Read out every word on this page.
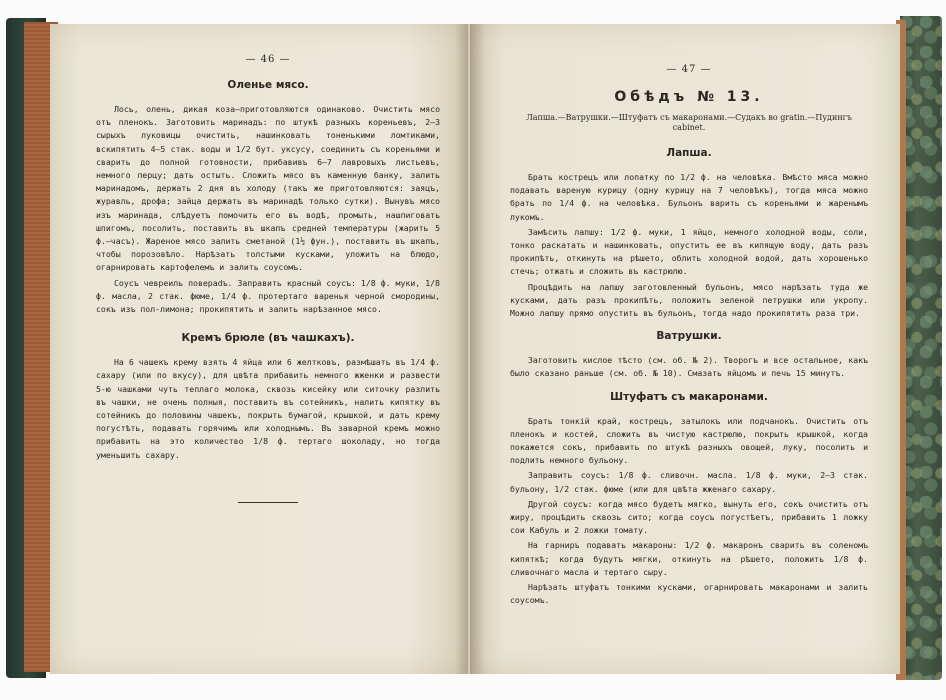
— 46 —
Оленье мясо.

Лось, олень, дикая коза—приготовляются одинаково. Очистить мясо отъ пленокъ. Заготовить маринадъ: по штукѣ разныхъ кореньевъ, 2—3 сырыхъ луковицы очистить, нашинковать тоненькими ломтиками, вскипятить 4—5 стак. воды и 1/2 бут. уксусу, соединить съ кореньями и сварить до полной готовности, прибавивъ 6—7 лавровыхъ листьевъ, немного перцу; дать остыть. Сложить мясо въ каменную банку, залить маринадомъ, держать 2 дня въ холоду (такъ же приготовляются: заяцъ, журавль, дрофа; зайца держать въ маринадѣ только сутки). Вынувъ мясо изъ маринада, слѣдуетъ помочить его въ водѣ, промыть, нашпиговать шпигомъ, посолить, поставить въ шкапъ средней температуры (жарить 5 ф.—часъ). Жареное мясо залить сметаной (1½ фун.), поставить въ шкапъ, чтобы порозовѣло. Нарѣзать толстыми кусками, уложить на блюдо, огарнировать картофелемъ и залить соусомъ.

Соусъ чевреиль пoвеpadъ. Заправить красный соусъ: 1/8 ф. муки, 1/8 ф. масла, 2 стак. фюме, 1/4 ф. протертаго варенья черной смородины, сокъ изъ пол-лимона; прокипятить и залить нарѣзанное мясо.

Кремъ брюле (въ чашкахъ).

На 6 чашекъ крему взять 4 яйца или 6 желтковъ, размѣшать въ 1/4 ф. сахару (или по вкусу), для цвѣта прибавить немного жженки и развести 5-ю чашками чуть теплаго молока, сквозь кисейку или ситочку разлить въ чашки, не очень полныя, поставить въ сотейникъ, налить кипятку въ сотейникъ до половины чашекъ, покрыть бумагой, крышкой, и дать крему погустѣть, подавать горячимъ или холоднымъ. Въ заварной кремъ можно прибавить на это количество 1/8 ф. тертаго шоколаду, но тогда уменьшить сахару.

— 47 —
Обѣдъ № 13.
Лапша.—Ватрушки.—Штуфатъ съ макаронами.—Судакъ во gratin.—Пудингъ cabinet.
Лапша.

Брать кострецъ или лопатку по 1/2 ф. на человѣка. Вмѣсто мяса можно подавать вареную курицу (одну курицу на 7 человѣкъ), тогда мяса можно брать по 1/4 ф. на человѣка. Бульонъ варить съ кореньями и жаренымъ лукомъ.

Замѣсить лапшу: 1/2 ф. муки, 1 яйцо, немного холодной воды, соли, тонко раскатать и нашинковать, опустить ее въ кипящую воду, дать разъ прокипѣть, откинуть на рѣшето, облить холодной водой, дать хорошенько стечь; отжать и сложить въ кастрюлю.

Процѣдить на лапшу заготовленный бульонъ, мясо нарѣзать туда же кусками, дать разъ прокипѣть, положить зеленой петрушки или укропу. Можно лапшу прямо опустить въ бульонъ, тогда надо прокипятить раза три.

Ватрушки.

Заготовить кислое тѣсто (см. об. № 2). Творогъ и все остальное, какъ было сказано раньше (см. об. № 10). Смазать яйцомъ и печь 15 минутъ.

Штуфатъ съ макаронами.

Брать тонкій край, кострецъ, затылокъ или подчанокъ. Очистить отъ пленокъ и костей, сложить въ чистую кастрюлю, покрыть крышкой, когда покажется сокъ, прибавить по штукѣ разныхъ овощей, луку, посолить и подлить немного бульону.

Заправить соусъ: 1/8 ф. сливочн. масла. 1/8 ф. муки, 2—3 стак. бульону, 1/2 стак. фюме (или для цвѣта жженаго сахару.

Другой соусъ: когда мясо будетъ мягко, вынуть его, сокъ очистить отъ жиру, процѣдить сквозь сито; когда соусъ погустѣетъ, прибавить 1 ложку сои Кабуль и 2 ложки томату.

На гарниръ подавать макароны: 1/2 ф. макаронъ сварить въ соленомъ кипяткѣ; когда будутъ мягки, откинуть на рѣшето, положить 1/8 ф. сливочнаго масла и тертаго сыру.

Нарѣзать штуфатъ тонкими кусками, огарнировать макаронами и залить соусомъ.
